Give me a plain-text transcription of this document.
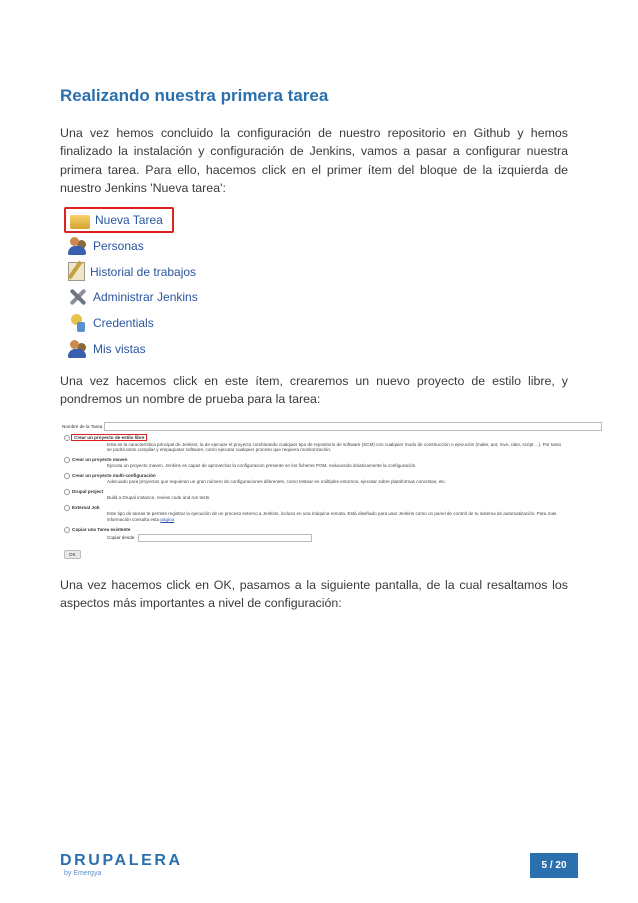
Realizando nuestra primera tarea
Una vez hemos concluido la configuración de nuestro repositorio en Github y hemos finalizado la instalación y configuración de Jenkins, vamos a pasar a configurar nuestra primera tarea. Para ello, hacemos click en el primer ítem del bloque de la izquierda de nuestro Jenkins 'Nueva tarea':
Nueva Tarea
Personas
Historial de trabajos
Administrar Jenkins
Credentials
Mis vistas
Una vez hacemos click en este ítem, crearemos un nuevo proyecto de estilo libre, y pondremos un nombre de prueba para la tarea:
Nombre de la Tarea
Crear un proyecto de estilo libre
Esta es la característica principal de Jenkins, la de ejecutar el proyecto combinando cualquier tipo de repositorio de software (SCM) con cualquier modo de construcción o ejecución (make, ant, mvn, rake, script ...). Por tanto se podrá tanto compilar y empaquetar software, como ejecutar cualquier proceso que requiera monitorización.
Crear un proyecto maven
Ejecuta un proyecto maven. Jenkins es capaz de aprovechar la configuracion presente en los ficheros POM, reduciendo drásticamente la configuración.
Crear un proyecto multi-configuración
Adecuado para proyectos que requieran un gran número de configuraciones diferentes, como testear en múltiples entornos, ejecutar sobre plataformas concretas, etc.
Drupal project
Build a Drupal instance, review code and run tests.
External Job
Este tipo de tareas te permite registrar la ejecución de un proceso externo a Jenkins, incluso en una máquina remota. Está diseñado para usar Jenkins como un panel de control de tu sistema de automatización. Para mas información consulta esta página
Copiar una Tarea existente
Copiar desde
OK
Una vez hacemos click en OK, pasamos a la siguiente pantalla, de la cual resaltamos los aspectos más importantes a nivel de configuración:
DRUPALERA
by Emergya
5 / 20
